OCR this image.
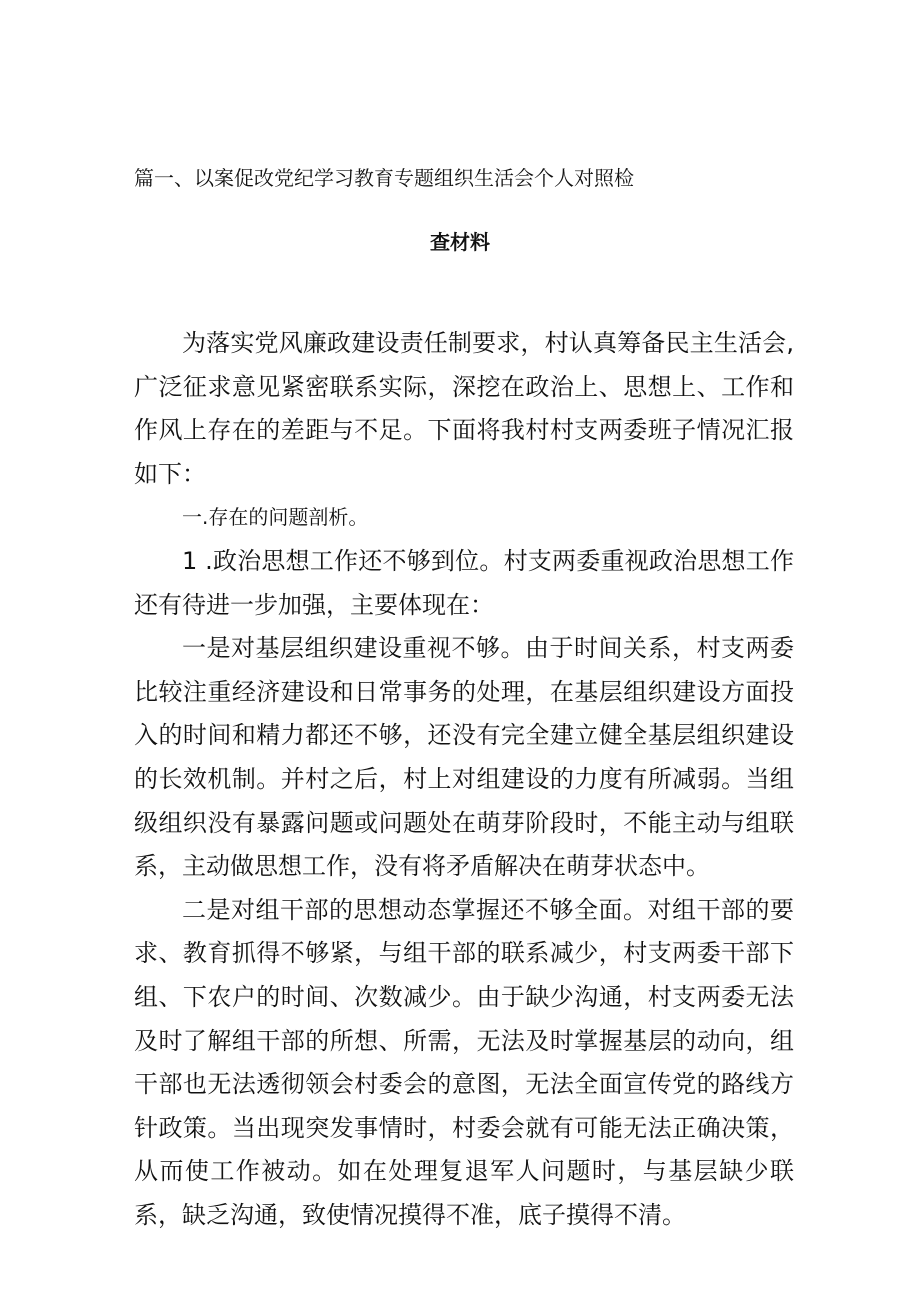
篇一、以案促改党纪学习教育专题组织生活会个人对照检
查材料

为落实党风廉政建设责任制要求，村认真筹备民主生活会,广泛征求意见紧密联系实际，深挖在政治上、思想上、工作和作风上存在的差距与不足。下面将我村村支两委班子情况汇报如下：

一.存在的问题剖析。

1 .政治思想工作还不够到位。村支两委重视政治思想工作还有待进一步加强，主要体现在：

一是对基层组织建设重视不够。由于时间关系，村支两委比较注重经济建设和日常事务的处理，在基层组织建设方面投入的时间和精力都还不够，还没有完全建立健全基层组织建设的长效机制。并村之后，村上对组建设的力度有所减弱。当组级组织没有暴露问题或问题处在萌芽阶段时，不能主动与组联系，主动做思想工作，没有将矛盾解决在萌芽状态中。

二是对组干部的思想动态掌握还不够全面。对组干部的要求、教育抓得不够紧，与组干部的联系减少，村支两委干部下组、下农户的时间、次数减少。由于缺少沟通，村支两委无法及时了解组干部的所想、所需，无法及时掌握基层的动向，组干部也无法透彻领会村委会的意图，无法全面宣传党的路线方针政策。当出现突发事情时，村委会就有可能无法正确决策，从而使工作被动。如在处理复退军人问题时，与基层缺少联系，缺乏沟通，致使情况摸得不准，底子摸得不清。
